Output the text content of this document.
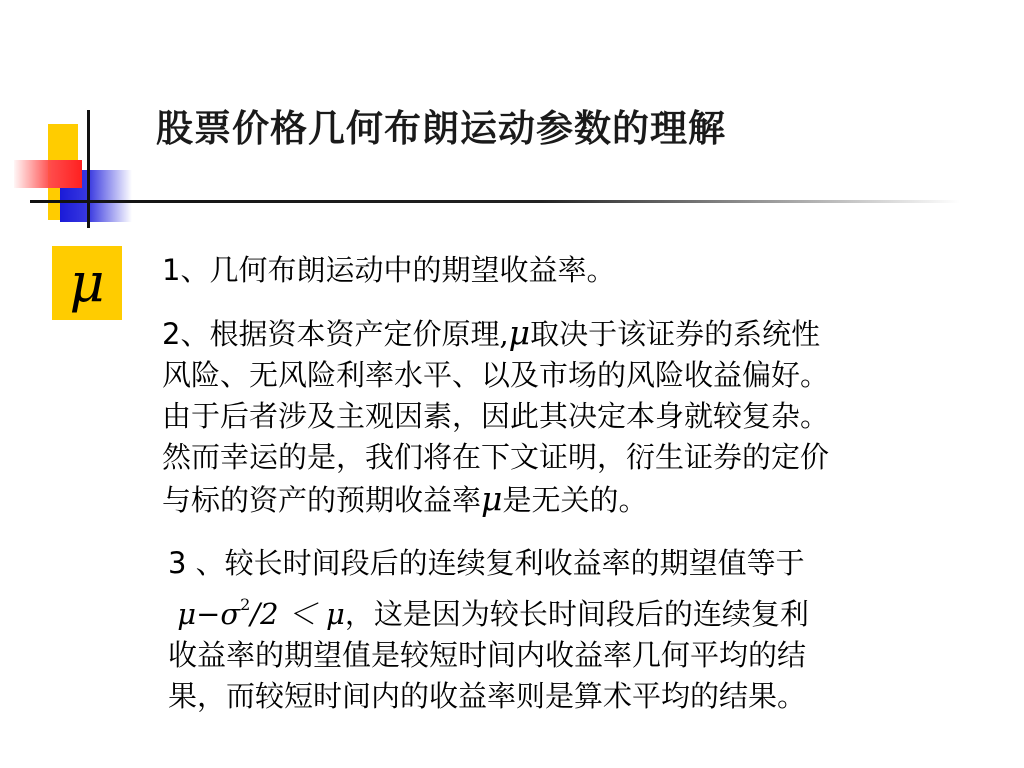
股票价格几何布朗运动参数的理解
μ	1、几何布朗运动中的期望收益率。

2、根据资本资产定价原理,μ取决于该证券的系统性
风险、无风险利率水平、以及市场的风险收益偏好。
由于后者涉及主观因素，因此其决定本身就较复杂。
然而幸运的是，我们将在下文证明，衍生证券的定价
与标的资产的预期收益率μ是无关的。

3 、较长时间段后的连续复利收益率的期望值等于
$\mu-\sigma^2/2 < \mu$，这是因为较长时间段后的连续复利
收益率的期望值是较短时间内收益率几何平均的结
果，而较短时间内的收益率则是算术平均的结果。
